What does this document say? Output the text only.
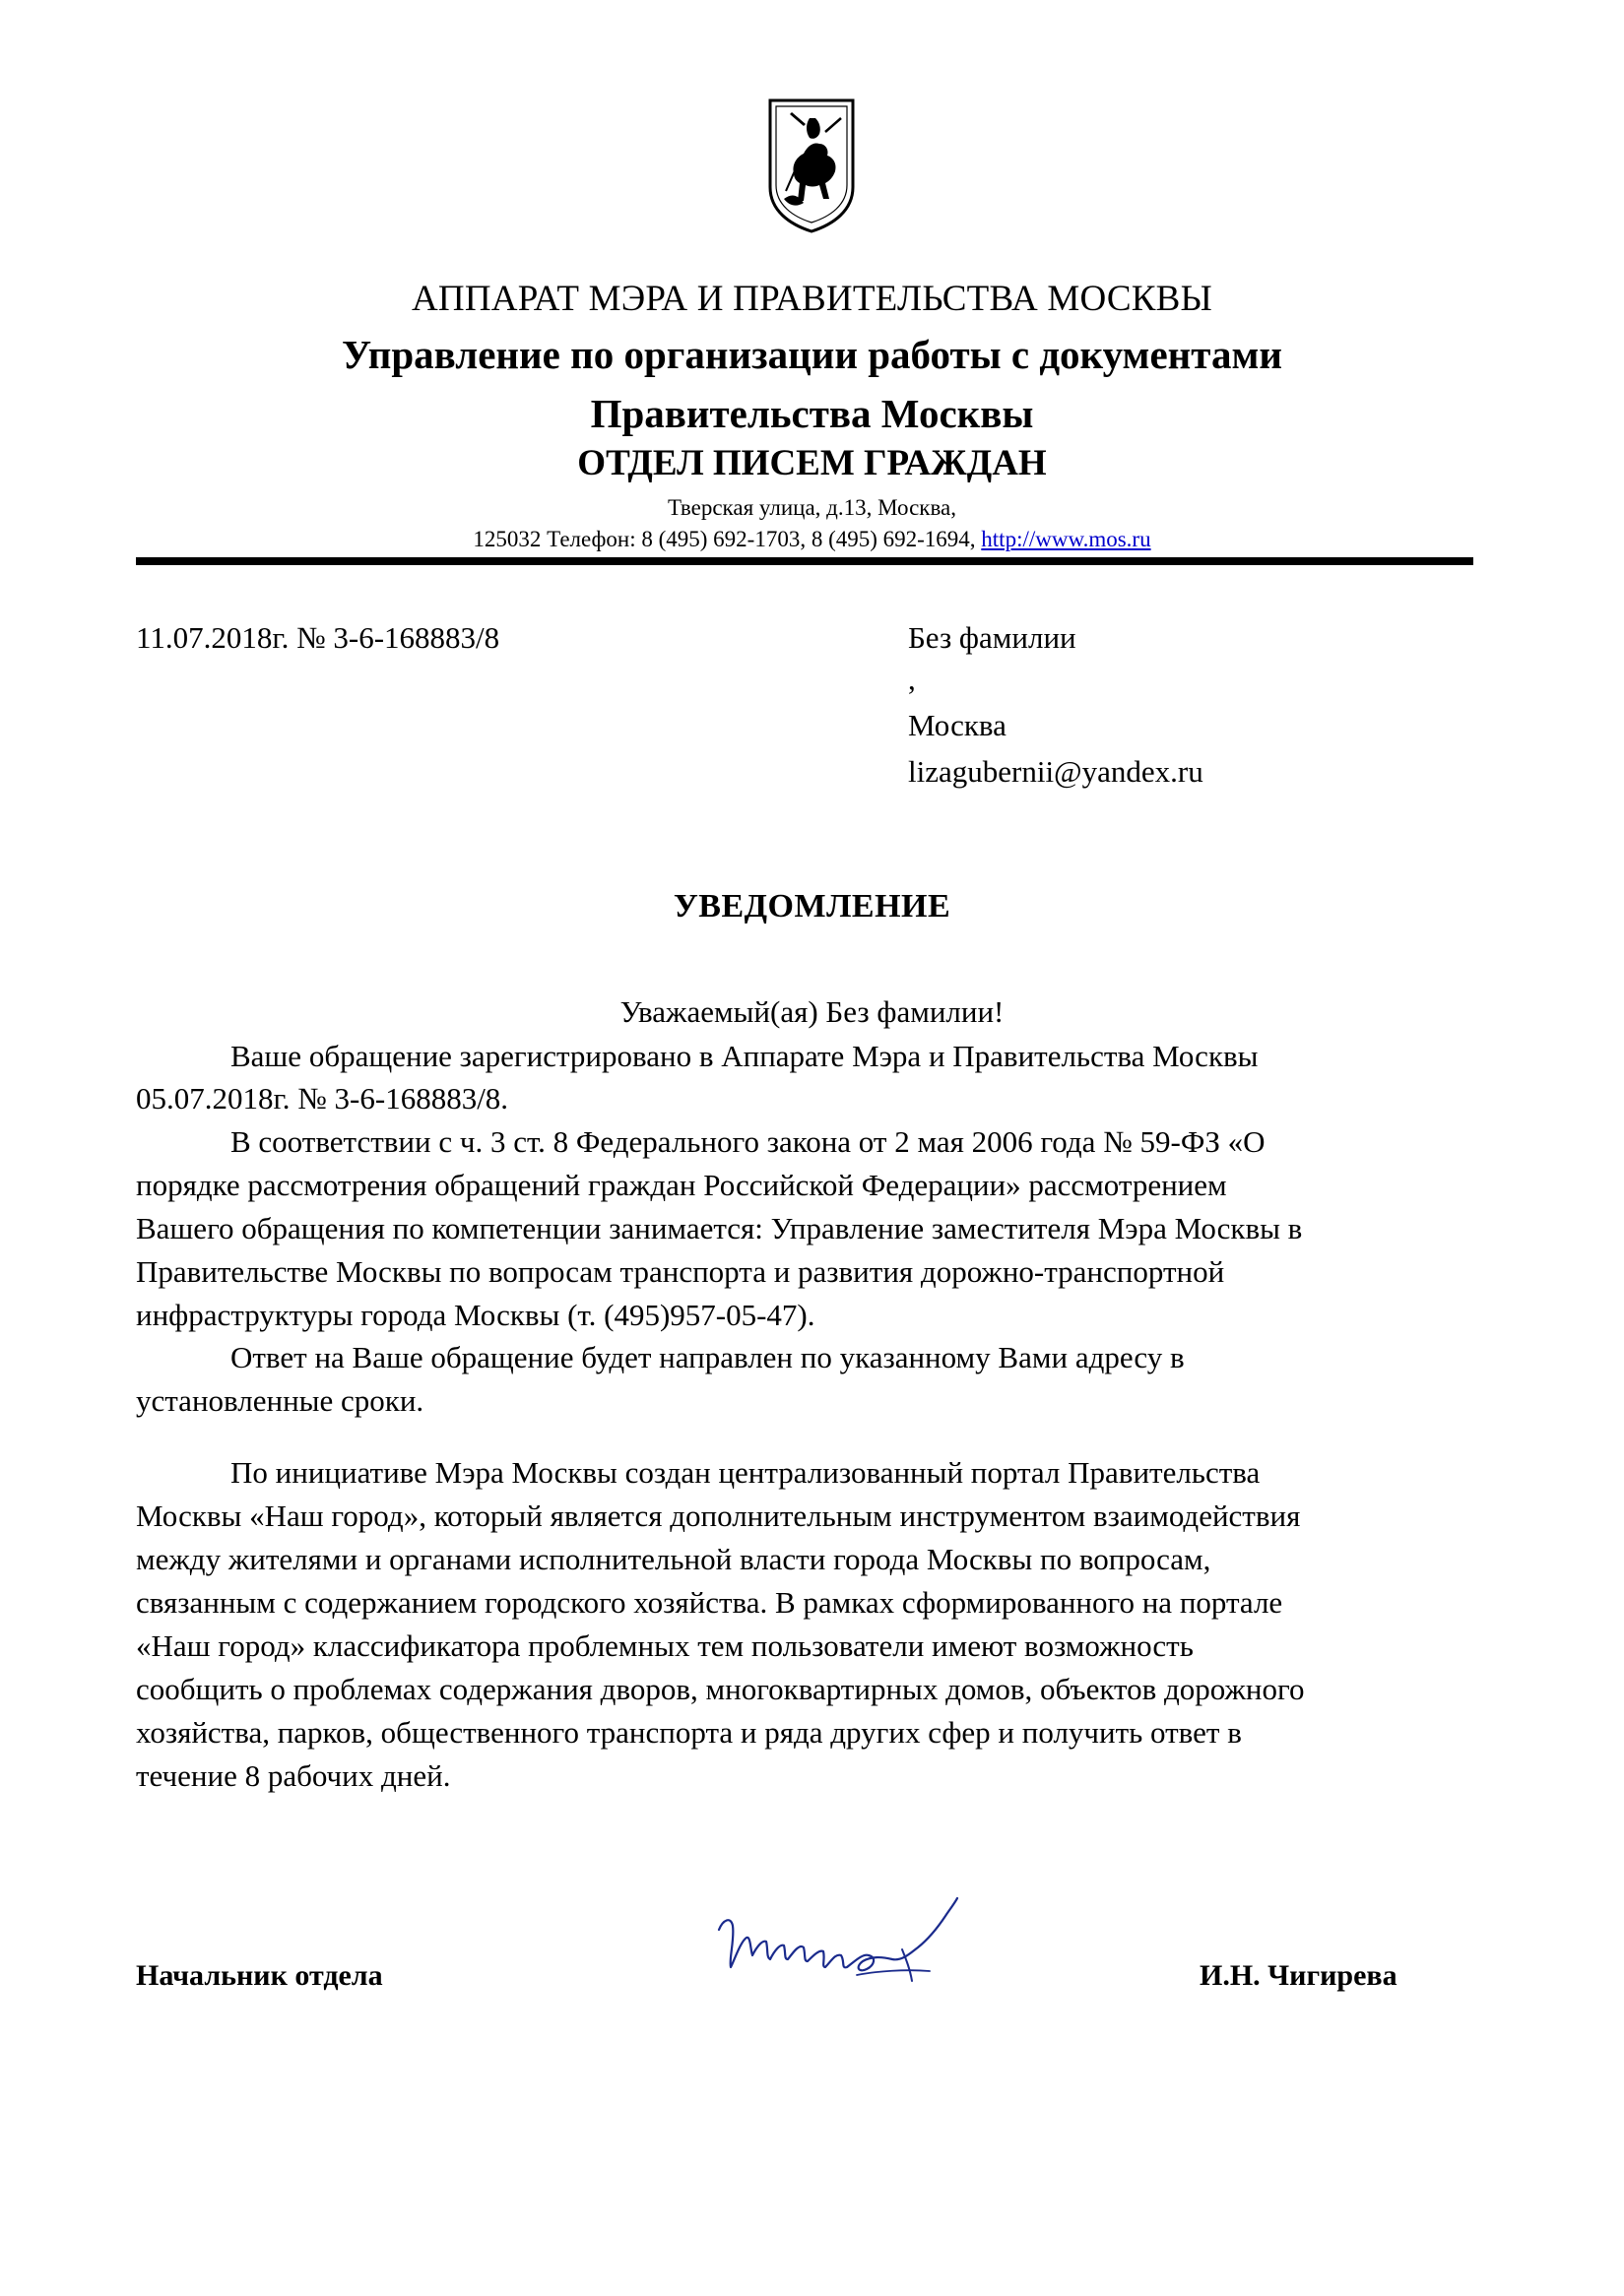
АППАРАТ МЭРА И ПРАВИТЕЛЬСТВА МОСКВЫ
Управление по организации работы с документами
Правительства Москвы
ОТДЕЛ ПИСЕМ ГРАЖДАН
Тверская улица, д.13, Москва,
125032 Телефон: 8 (495) 692-1703, 8 (495) 692-1694, http://www.mos.ru
11.07.2018г. № 3-6-168883/8	Без фамилии
,
Москва
lizagubernii@yandex.ru
УВЕДОМЛЕНИЕ
Уважаемый(ая) Без фамилии!
Ваше обращение зарегистрировано в Аппарате Мэра и Правительства Москвы
05.07.2018г. № 3-6-168883/8.
В соответствии с ч. 3 ст. 8 Федерального закона от 2 мая 2006 года № 59-ФЗ «О
порядке рассмотрения обращений граждан Российской Федерации» рассмотрением
Вашего обращения по компетенции занимается: Управление заместителя Мэра Москвы в
Правительстве Москвы по вопросам транспорта и развития дорожно-транспортной
инфраструктуры города Москвы (т. (495)957-05-47).
Ответ на Ваше обращение будет направлен по указанному Вами адресу в
установленные сроки.
По инициативе Мэра Москвы создан централизованный портал Правительства
Москвы «Наш город», который является дополнительным инструментом взаимодействия
между жителями и органами исполнительной власти города Москвы по вопросам,
связанным с содержанием городского хозяйства. В рамках сформированного на портале
«Наш город» классификатора проблемных тем пользователи имеют возможность
сообщить о проблемах содержания дворов, многоквартирных домов, объектов дорожного
хозяйства, парков, общественного транспорта и ряда других сфер и получить ответ в
течение 8 рабочих дней.
Начальник отдела	И.Н. Чигирева
